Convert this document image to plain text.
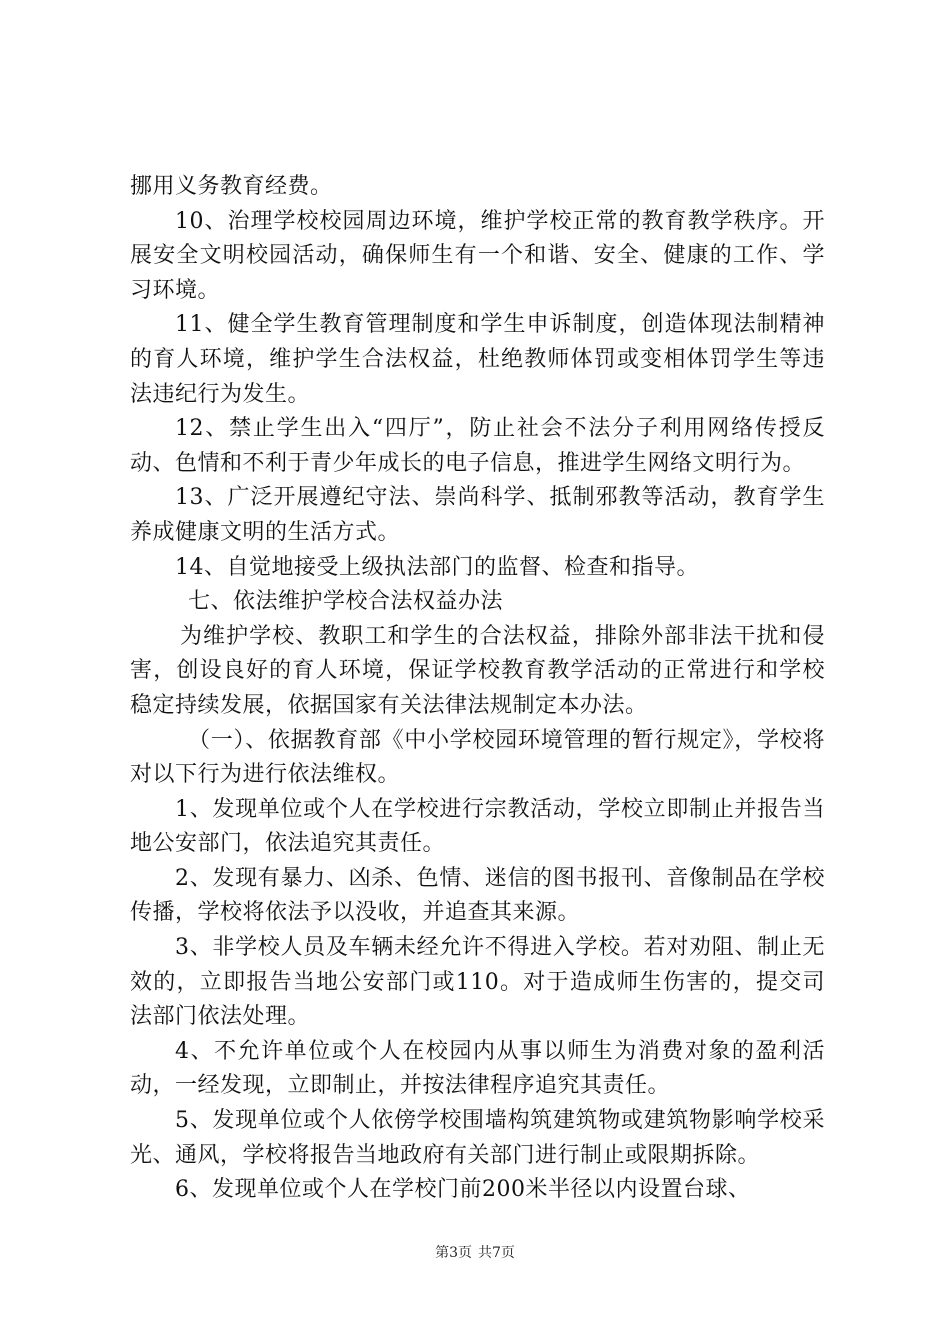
挪用义务教育经费。

10、治理学校校园周边环境，维护学校正常的教育教学秩序。开展安全文明校园活动，确保师生有一个和谐、安全、健康的工作、学习环境。

11、健全学生教育管理制度和学生申诉制度，创造体现法制精神的育人环境，维护学生合法权益，杜绝教师体罚或变相体罚学生等违法违纪行为发生。

12、禁止学生出入“四厅”，防止社会不法分子利用网络传授反动、色情和不利于青少年成长的电子信息，推进学生网络文明行为。

13、广泛开展遵纪守法、崇尚科学、抵制邪教等活动，教育学生养成健康文明的生活方式。

14、自觉地接受上级执法部门的监督、检查和指导。

七、依法维护学校合法权益办法

为维护学校、教职工和学生的合法权益，排除外部非法干扰和侵害，创设良好的育人环境，保证学校教育教学活动的正常进行和学校稳定持续发展，依据国家有关法律法规制定本办法。

（一）、依据教育部《中小学校园环境管理的暂行规定》，学校将对以下行为进行依法维权。

1、发现单位或个人在学校进行宗教活动，学校立即制止并报告当地公安部门，依法追究其责任。

2、发现有暴力、凶杀、色情、迷信的图书报刊、音像制品在学校传播，学校将依法予以没收，并追查其来源。

3、非学校人员及车辆未经允许不得进入学校。若对劝阻、制止无效的，立即报告当地公安部门或110。对于造成师生伤害的，提交司法部门依法处理。

4、不允许单位或个人在校园内从事以师生为消费对象的盈利活动，一经发现，立即制止，并按法律程序追究其责任。

5、发现单位或个人依傍学校围墙构筑建筑物或建筑物影响学校采光、通风，学校将报告当地政府有关部门进行制止或限期拆除。

6、发现单位或个人在学校门前200米半径以内设置台球、

第3页 共7页
